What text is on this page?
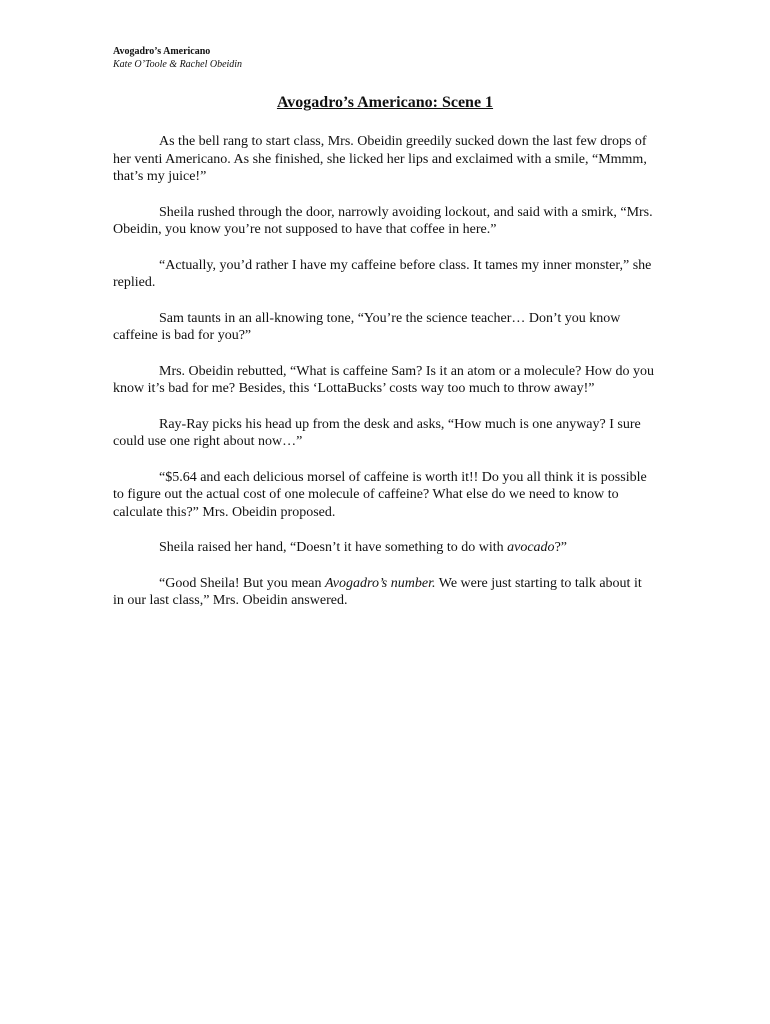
Avogadro’s Americano
Kate O’Toole & Rachel Obeidin
Avogadro’s Americano: Scene 1

As the bell rang to start class, Mrs. Obeidin greedily sucked down the last few drops of her venti Americano. As she finished, she licked her lips and exclaimed with a smile, “Mmmm, that’s my juice!”

Sheila rushed through the door, narrowly avoiding lockout, and said with a smirk, “Mrs. Obeidin, you know you’re not supposed to have that coffee in here.”

“Actually, you’d rather I have my caffeine before class. It tames my inner monster,” she replied.

Sam taunts in an all-knowing tone, “You’re the science teacher… Don’t you know caffeine is bad for you?”

Mrs. Obeidin rebutted, “What is caffeine Sam? Is it an atom or a molecule? How do you know it’s bad for me? Besides, this ‘LottaBucks’ costs way too much to throw away!”

Ray-Ray picks his head up from the desk and asks, “How much is one anyway? I sure could use one right about now…”

“$5.64 and each delicious morsel of caffeine is worth it!! Do you all think it is possible to figure out the actual cost of one molecule of caffeine? What else do we need to know to calculate this?” Mrs. Obeidin proposed.

Sheila raised her hand, “Doesn’t it have something to do with avocado?”

“Good Sheila! But you mean Avogadro’s number. We were just starting to talk about it in our last class,” Mrs. Obeidin answered.
